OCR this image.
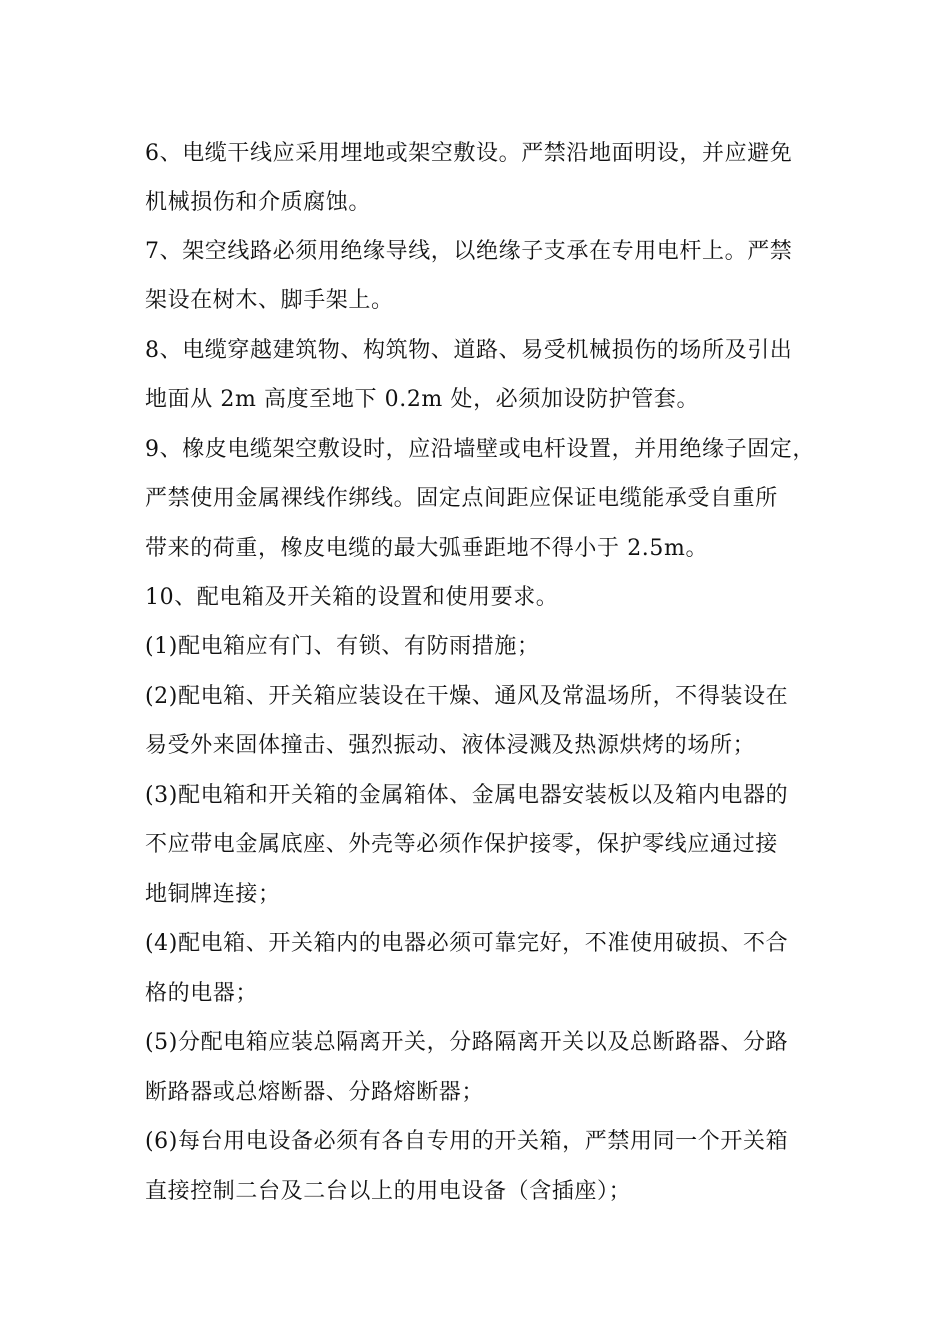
6、电缆干线应采用埋地或架空敷设。严禁沿地面明设，并应避免
机械损伤和介质腐蚀。
7、架空线路必须用绝缘导线，以绝缘子支承在专用电杆上。严禁
架设在树木、脚手架上。
8、电缆穿越建筑物、构筑物、道路、易受机械损伤的场所及引出
地面从 2m 高度至地下 0.2m 处，必须加设防护管套。
9、橡皮电缆架空敷设时，应沿墙壁或电杆设置，并用绝缘子固定，
严禁使用金属裸线作绑线。固定点间距应保证电缆能承受自重所
带来的荷重，橡皮电缆的最大弧垂距地不得小于 2.5m。
10、配电箱及开关箱的设置和使用要求。
(1)配电箱应有门、有锁、有防雨措施；
(2)配电箱、开关箱应装设在干燥、通风及常温场所，不得装设在
易受外来固体撞击、强烈振动、液体浸溅及热源烘烤的场所；
(3)配电箱和开关箱的金属箱体、金属电器安装板以及箱内电器的
不应带电金属底座、外壳等必须作保护接零，保护零线应通过接
地铜牌连接；
(4)配电箱、开关箱内的电器必须可靠完好，不准使用破损、不合
格的电器；
(5)分配电箱应装总隔离开关，分路隔离开关以及总断路器、分路
断路器或总熔断器、分路熔断器；
(6)每台用电设备必须有各自专用的开关箱，严禁用同一个开关箱
直接控制二台及二台以上的用电设备（含插座）；
